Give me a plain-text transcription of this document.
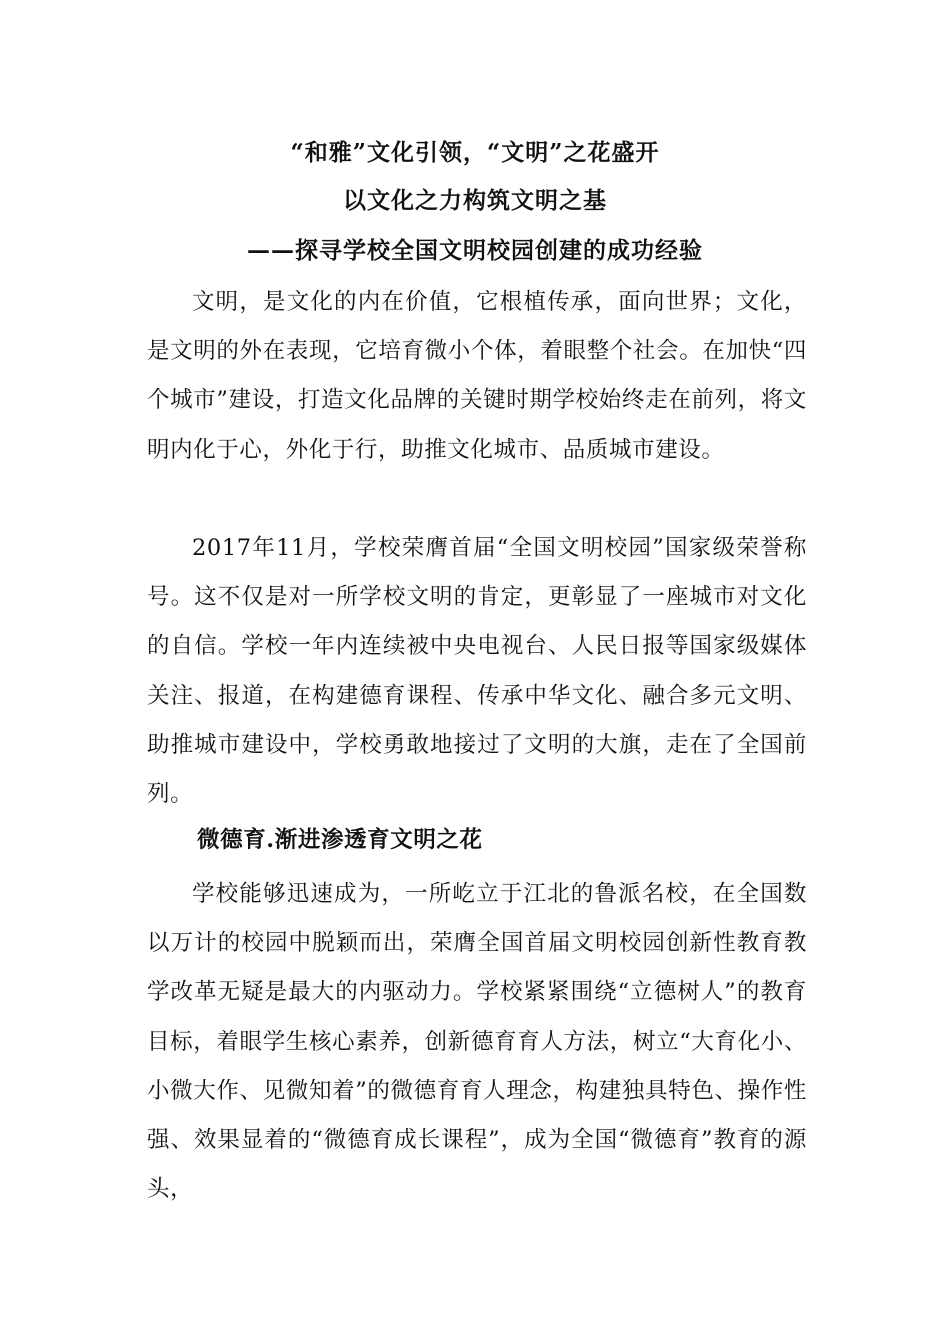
“和雅”文化引领，“文明”之花盛开
以文化之力构筑文明之基
——探寻学校全国文明校园创建的成功经验

文明，是文化的内在价值，它根植传承，面向世界；文化，是文明的外在表现，它培育微小个体，着眼整个社会。在加快“四个城市”建设，打造文化品牌的关键时期学校始终走在前列，将文明内化于心，外化于行，助推文化城市、品质城市建设。

2017年11月，学校荣膺首届“全国文明校园”国家级荣誉称号。这不仅是对一所学校文明的肯定，更彰显了一座城市对文化的自信。学校一年内连续被中央电视台、人民日报等国家级媒体关注、报道，在构建德育课程、传承中华文化、融合多元文明、助推城市建设中，学校勇敢地接过了文明的大旗，走在了全国前列。

微德育.渐进渗透育文明之花

学校能够迅速成为，一所屹立于江北的鲁派名校，在全国数以万计的校园中脱颖而出，荣膺全国首届文明校园创新性教育教学改革无疑是最大的内驱动力。学校紧紧围绕“立德树人”的教育目标，着眼学生核心素养，创新德育育人方法，树立“大育化小、小微大作、见微知着”的微德育育人理念，构建独具特色、操作性强、效果显着的“微德育成长课程”，成为全国“微德育”教育的源头，
